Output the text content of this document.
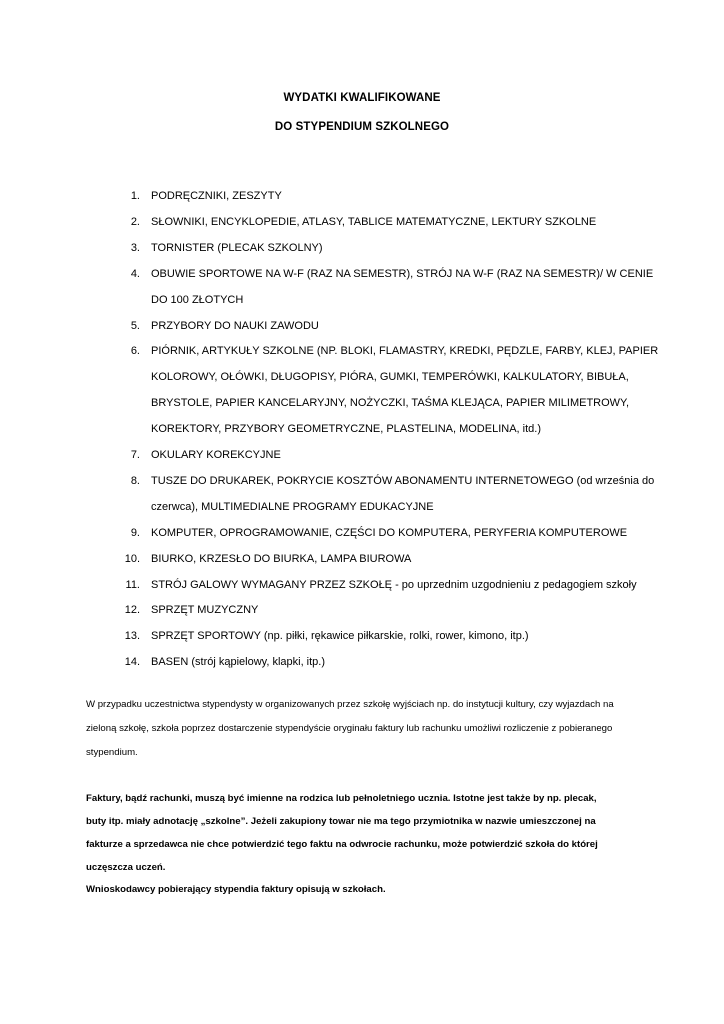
WYDATKI KWALIFIKOWANE
DO STYPENDIUM SZKOLNEGO
1. PODRĘCZNIKI, ZESZYTY
2. SŁOWNIKI, ENCYKLOPEDIE, ATLASY, TABLICE MATEMATYCZNE, LEKTURY SZKOLNE
3. TORNISTER (PLECAK SZKOLNY)
4. OBUWIE SPORTOWE NA W-F (RAZ NA SEMESTR), STRÓJ NA W-F (RAZ NA SEMESTR)/ W CENIE
DO 100 ZŁOTYCH
5. PRZYBORY DO NAUKI ZAWODU
6. PIÓRNIK, ARTYKUŁY SZKOLNE (NP. BLOKI, FLAMASTRY, KREDKI, PĘDZLE, FARBY, KLEJ, PAPIER
KOLOROWY, OŁÓWKI, DŁUGOPISY, PIÓRA, GUMKI, TEMPERÓWKI, KALKULATORY, BIBUŁA,
BRYSTOLE, PAPIER KANCELARYJNY, NOŻYCZKI, TAŚMA KLEJĄCA, PAPIER MILIMETROWY,
KOREKTORY, PRZYBORY GEOMETRYCZNE, PLASTELINA, MODELINA, itd.)
7. OKULARY KOREKCYJNE
8. TUSZE DO DRUKAREK, POKRYCIE KOSZTÓW ABONAMENTU INTERNETOWEGO (od września do
czerwca), MULTIMEDIALNE PROGRAMY EDUKACYJNE
9. KOMPUTER, OPROGRAMOWANIE, CZĘŚCI DO KOMPUTERA, PERYFERIA KOMPUTEROWE
10. BIURKO, KRZESŁO DO BIURKA, LAMPA BIUROWA
11. STRÓJ GALOWY WYMAGANY PRZEZ SZKOŁĘ - po uprzednim uzgodnieniu z pedagogiem szkoły
12. SPRZĘT MUZYCZNY
13. SPRZĘT SPORTOWY (np. piłki, rękawice piłkarskie, rolki, rower, kimono, itp.)
14. BASEN (strój kąpielowy, klapki, itp.)
W przypadku uczestnictwa stypendysty w organizowanych przez szkołę wyjściach np. do instytucji kultury, czy wyjazdach na
zieloną szkołę, szkoła poprzez dostarczenie stypendyście oryginału faktury lub rachunku umożliwi rozliczenie z pobieranego
stypendium.
Faktury, bądź rachunki, muszą być imienne na rodzica lub pełnoletniego ucznia. Istotne jest także by np. plecak,
buty itp. miały adnotację „szkolne”. Jeżeli zakupiony towar nie ma tego przymiotnika w nazwie umieszczonej na
fakturze a sprzedawca nie chce potwierdzić tego faktu na odwrocie rachunku, może potwierdzić szkoła do której
uczęszcza uczeń.
Wnioskodawcy pobierający stypendia faktury opisują w szkołach.
